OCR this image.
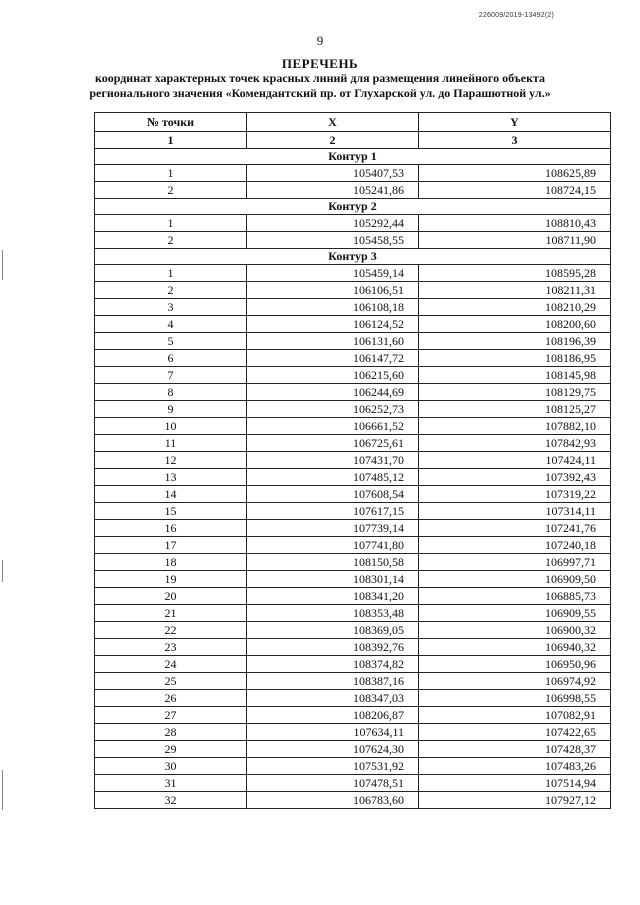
226009/2019-13492(2)
9
ПЕРЕЧЕНЬ
координат характерных точек красных линий для размещения линейного объекта
регионального значения «Комендантский пр. от Глухарской ул. до Парашютной ул.»
№ точки	X	Y
1	2	3
Контур 1		
1	105407,53	108625,89
2	105241,86	108724,15
Контур 2		
1	105292,44	108810,43
2	105458,55	108711,90
Контур 3		
1	105459,14	108595,28
2	106106,51	108211,31
3	106108,18	108210,29
4	106124,52	108200,60
5	106131,60	108196,39
6	106147,72	108186,95
7	106215,60	108145,98
8	106244,69	108129,75
9	106252,73	108125,27
10	106661,52	107882,10
11	106725,61	107842,93
12	107431,70	107424,11
13	107485,12	107392,43
14	107608,54	107319,22
15	107617,15	107314,11
16	107739,14	107241,76
17	107741,80	107240,18
18	108150,58	106997,71
19	108301,14	106909,50
20	108341,20	106885,73
21	108353,48	106909,55
22	108369,05	106900,32
23	108392,76	106940,32
24	108374,82	106950,96
25	108387,16	106974,92
26	108347,03	106998,55
27	108206,87	107082,91
28	107634,11	107422,65
29	107624,30	107428,37
30	107531,92	107483,26
31	107478,51	107514,94
32	106783,60	107927,12
